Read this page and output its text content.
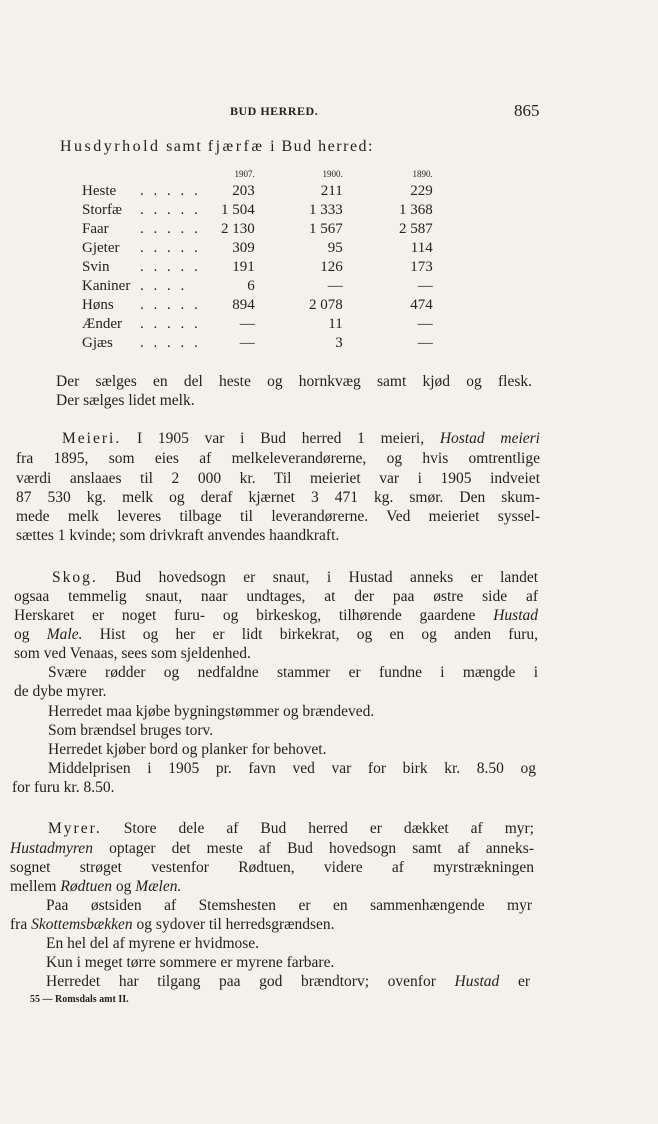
BUD HERRED.	865
Husdyrhold samt fjærfæ i Bud herred:
		1907.	1900.	1890.
Heste	. . . . .	203	211	229
Storfæ	. . . . .	1 504	1 333	1 368
Faar	. . . . .	2 130	1 567	2 587
Gjeter	. . . . .	309	95	114
Svin	. . . . .	191	126	173
Kaniner	. . . .	6	—	—
Høns	. . . . .	894	2 078	474
Ænder	. . . . .	—	11	—
Gjæs	. . . . .	—	3	—
Der sælges en del heste og hornkvæg samt kjød og flesk.
Der sælges lidet melk.
Meieri. I 1905 var i Bud herred 1 meieri, Hostad meieri
fra 1895, som eies af melkeleverandørerne, og hvis omtrentlige
værdi anslaaes til 2 000 kr. Til meieriet var i 1905 indveiet
87 530 kg. melk og deraf kjærnet 3 471 kg. smør. Den skum-
mede melk leveres tilbage til leverandørerne. Ved meieriet syssel-
sættes 1 kvinde; som drivkraft anvendes haandkraft.
Skog. Bud hovedsogn er snaut, i Hustad anneks er landet
ogsaa temmelig snaut, naar undtages, at der paa østre side af
Herskaret er noget furu- og birkeskog, tilhørende gaardene Hustad
og Male. Hist og her er lidt birkekrat, og en og anden furu,
som ved Venaas, sees som sjeldenhed.
Svære rødder og nedfaldne stammer er fundne i mængde i
de dybe myrer.
Herredet maa kjøbe bygningstømmer og brændeved.
Som brændsel bruges torv.
Herredet kjøber bord og planker for behovet.
Middelprisen i 1905 pr. favn ved var for birk kr. 8.50 og
for furu kr. 8.50.
Myrer. Store dele af Bud herred er dækket af myr;
Hustadmyren optager det meste af Bud hovedsogn samt af anneks-
sognet strøget vestenfor Rødtuen, videre af myrstrækningen
mellem Rødtuen og Mælen.
Paa østsiden af Stemshesten er en sammenhængende myr
fra Skottemsbækken og sydover til herredsgrændsen.
En hel del af myrene er hvidmose.
Kun i meget tørre sommere er myrene farbare.
Herredet har tilgang paa god brændtorv; ovenfor Hustad er
55 — Romsdals amt II.
